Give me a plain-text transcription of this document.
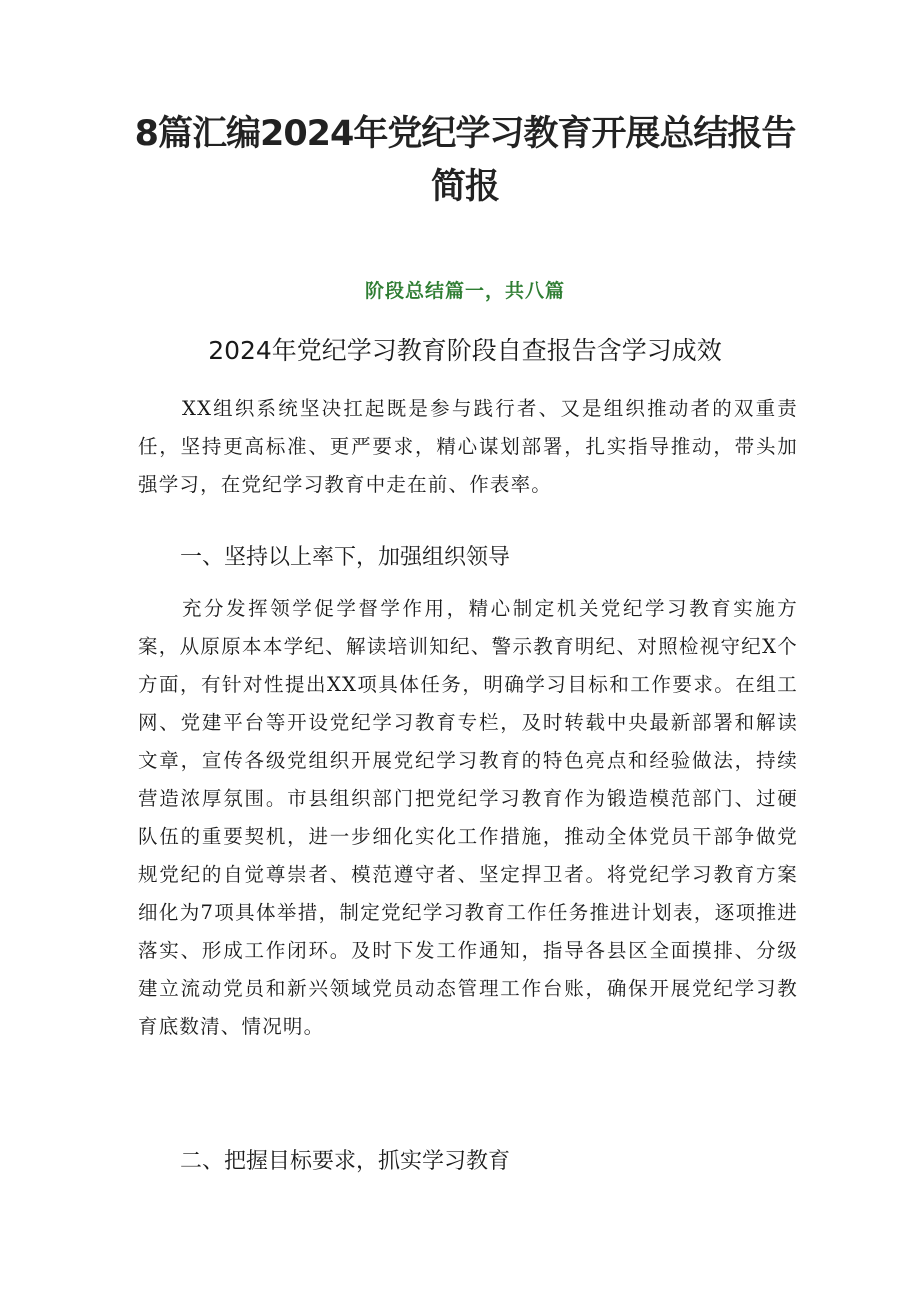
8篇汇编2024年党纪学习教育开展总结报告简报
阶段总结篇一，共八篇
2024年党纪学习教育阶段自查报告含学习成效

XX组织系统坚决扛起既是参与践行者、又是组织推动者的双重责任，坚持更高标准、更严要求，精心谋划部署，扎实指导推动，带头加强学习，在党纪学习教育中走在前、作表率。

一、坚持以上率下，加强组织领导

充分发挥领学促学督学作用，精心制定机关党纪学习教育实施方案，从原原本本学纪、解读培训知纪、警示教育明纪、对照检视守纪X个方面，有针对性提出XX项具体任务，明确学习目标和工作要求。在组工网、党建平台等开设党纪学习教育专栏，及时转载中央最新部署和解读文章，宣传各级党组织开展党纪学习教育的特色亮点和经验做法，持续营造浓厚氛围。市县组织部门把党纪学习教育作为锻造模范部门、过硬队伍的重要契机，进一步细化实化工作措施，推动全体党员干部争做党规党纪的自觉尊崇者、模范遵守者、坚定捍卫者。将党纪学习教育方案细化为7项具体举措，制定党纪学习教育工作任务推进计划表，逐项推进落实、形成工作闭环。及时下发工作通知，指导各县区全面摸排、分级建立流动党员和新兴领域党员动态管理工作台账，确保开展党纪学习教育底数清、情况明。

二、把握目标要求，抓实学习教育
